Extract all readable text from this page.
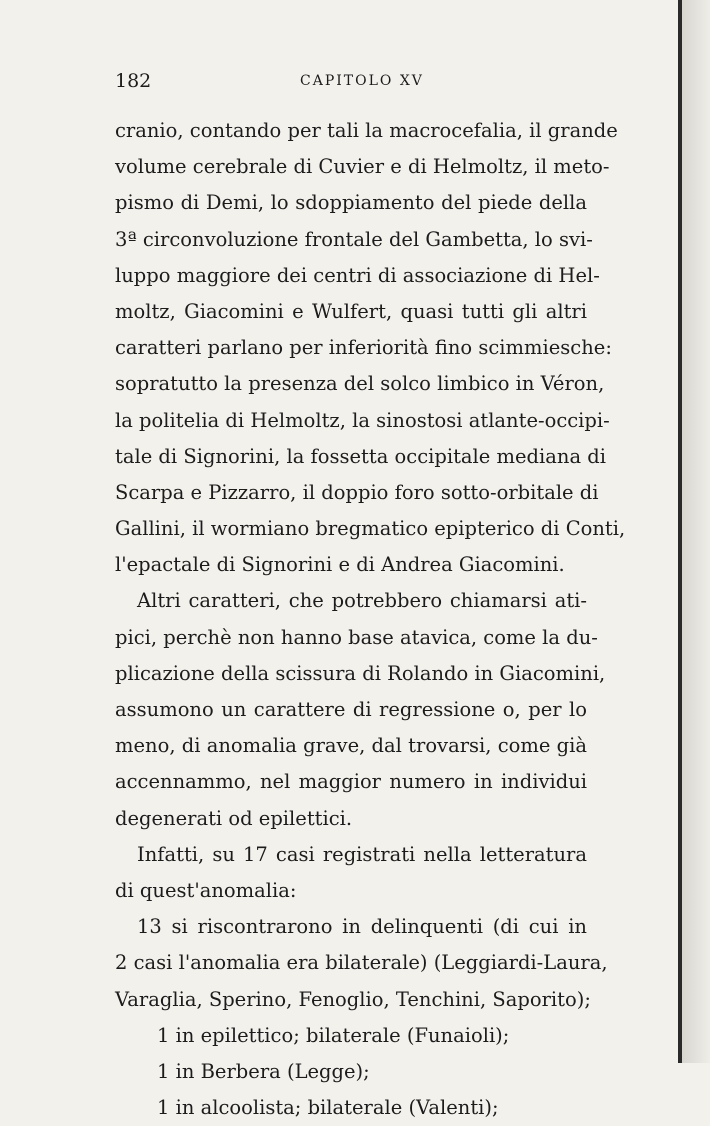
182	CAPITOLO XV
cranio, contando per tali la macrocefalia, il grande
volume cerebrale di Cuvier e di Helmoltz, il meto-
pismo di Demi, lo sdoppiamento del piede della
3ª circonvoluzione frontale del Gambetta, lo svi-
luppo maggiore dei centri di associazione di Hel-
moltz, Giacomini e Wulfert, quasi tutti gli altri
caratteri parlano per inferiorità fino scimmiesche:
sopratutto la presenza del solco limbico in Véron,
la politelia di Helmoltz, la sinostosi atlante-occipi-
tale di Signorini, la fossetta occipitale mediana di
Scarpa e Pizzarro, il doppio foro sotto-orbitale di
Gallini, il wormiano bregmatico epipterico di Conti,
l'epactale di Signorini e di Andrea Giacomini.
Altri caratteri, che potrebbero chiamarsi ati-
pici, perchè non hanno base atavica, come la du-
plicazione della scissura di Rolando in Giacomini,
assumono un carattere di regressione o, per lo
meno, di anomalia grave, dal trovarsi, come già
accennammo, nel maggior numero in individui
degenerati od epilettici.
Infatti, su 17 casi registrati nella letteratura
di quest'anomalia:
13 si riscontrarono in delinquenti (di cui in
2 casi l'anomalia era bilaterale) (Leggiardi-Laura,
Varaglia, Sperino, Fenoglio, Tenchini, Saporito);
1 in epilettico; bilaterale (Funaioli);
1 in Berbera (Legge);
1 in alcoolista; bilaterale (Valenti);
